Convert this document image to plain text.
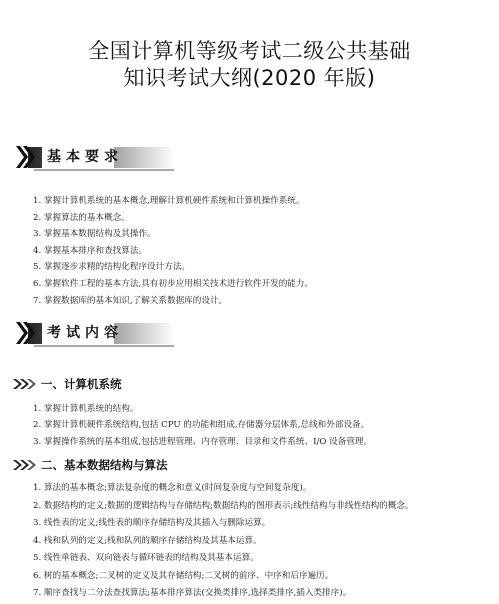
全国计算机等级考试二级公共基础
知识考试大纲(2020 年版)
基本要求
1. 掌握计算机系统的基本概念,理解计算机硬件系统和计算机操作系统。
2. 掌握算法的基本概念。
3. 掌握基本数据结构及其操作。
4. 掌握基本排序和查找算法。
5. 掌握逐步求精的结构化程序设计方法。
6. 掌握软件工程的基本方法,具有初步应用相关技术进行软件开发的能力。
7. 掌握数据库的基本知识,了解关系数据库的设计。
考试内容
一、计算机系统
1. 掌握计算机系统的结构。
2. 掌握计算机硬件系统结构,包括 CPU 的功能和组成,存储器分层体系,总线和外部设备。
3. 掌握操作系统的基本组成,包括进程管理、内存管理、目录和文件系统、I/O 设备管理。
二、基本数据结构与算法
1. 算法的基本概念;算法复杂度的概念和意义(时间复杂度与空间复杂度)。
2. 数据结构的定义;数据的逻辑结构与存储结构;数据结构的图形表示;线性结构与非线性结构的概念。
3. 线性表的定义;线性表的顺序存储结构及其插入与删除运算。
4. 栈和队列的定义;栈和队列的顺序存储结构及其基本运算。
5. 线性单链表、双向链表与循环链表的结构及其基本运算。
6. 树的基本概念;二叉树的定义及其存储结构;二叉树的前序、中序和后序遍历。
7. 顺序查找与二分法查找算法;基本排序算法(交换类排序,选择类排序,插入类排序)。
